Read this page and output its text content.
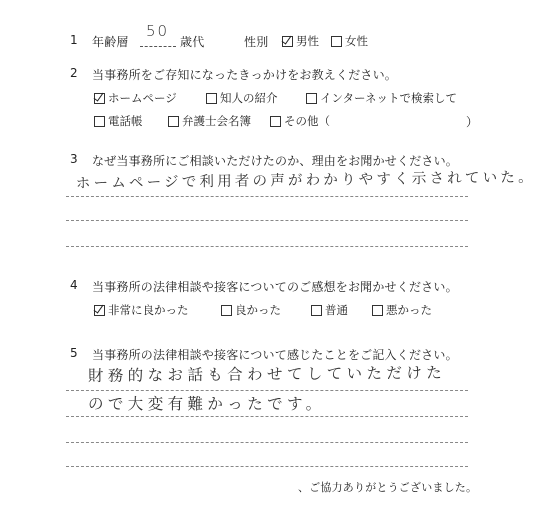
1 年齢層
50
歳代	性別 男性 女性
2 当事務所をご存知になったきっかけをお教えください。
ホームページ	知人の紹介	インターネットで検索して
電話帳	弁護士会名簿	その他（	）
3 なぜ当事務所にご相談いただけたのか、理由をお聞かせください。
ホームページで利用者の声がわかりやすく示されていた。
4 当事務所の法律相談や接客についてのご感想をお聞かせください。
非常に良かった	良かった	普通	悪かった
5 当事務所の法律相談や接客について感じたことをご記入ください。
財務的なお話も合わせてしていただけた
ので大変有難かったです。
、ご協力ありがとうございました。
